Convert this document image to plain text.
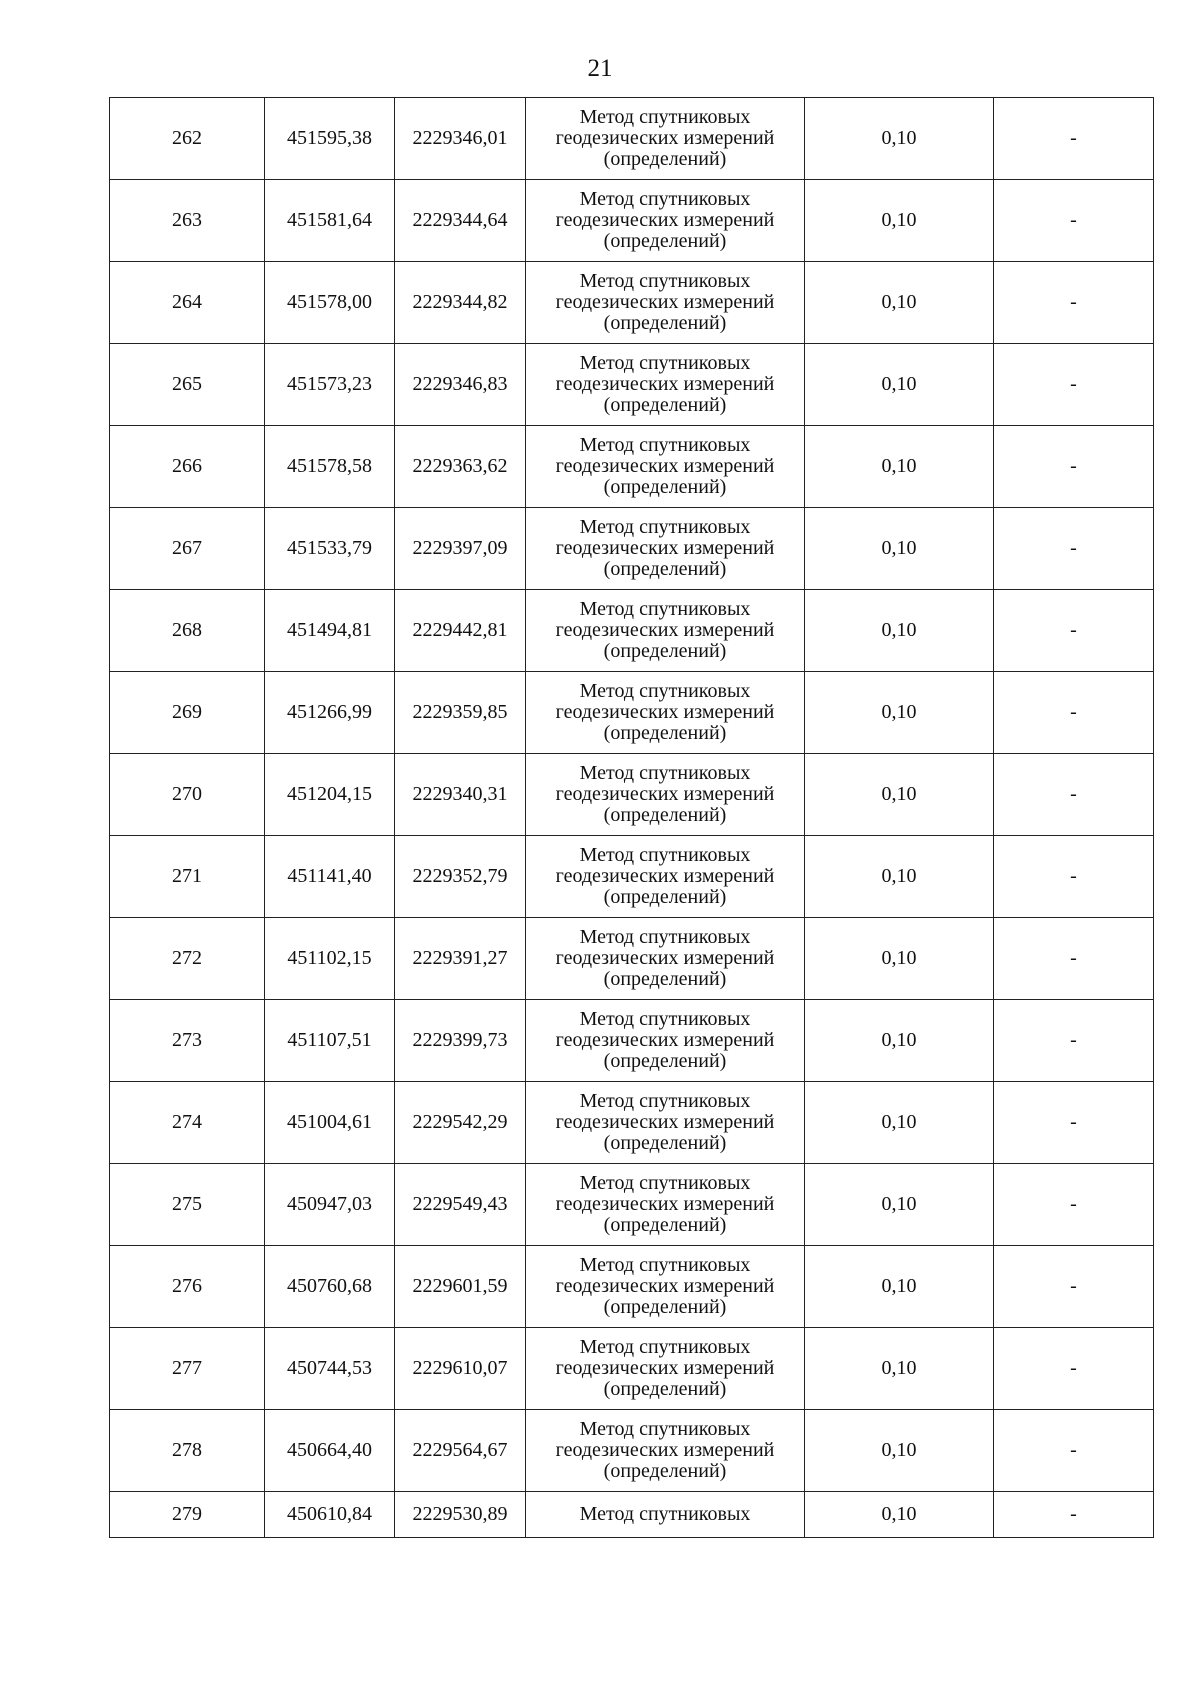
21
262	451595,38	2229346,01	Метод спутниковых
геодезических измерений
(определений)	0,10	-
263	451581,64	2229344,64	Метод спутниковых
геодезических измерений
(определений)	0,10	-
264	451578,00	2229344,82	Метод спутниковых
геодезических измерений
(определений)	0,10	-
265	451573,23	2229346,83	Метод спутниковых
геодезических измерений
(определений)	0,10	-
266	451578,58	2229363,62	Метод спутниковых
геодезических измерений
(определений)	0,10	-
267	451533,79	2229397,09	Метод спутниковых
геодезических измерений
(определений)	0,10	-
268	451494,81	2229442,81	Метод спутниковых
геодезических измерений
(определений)	0,10	-
269	451266,99	2229359,85	Метод спутниковых
геодезических измерений
(определений)	0,10	-
270	451204,15	2229340,31	Метод спутниковых
геодезических измерений
(определений)	0,10	-
271	451141,40	2229352,79	Метод спутниковых
геодезических измерений
(определений)	0,10	-
272	451102,15	2229391,27	Метод спутниковых
геодезических измерений
(определений)	0,10	-
273	451107,51	2229399,73	Метод спутниковых
геодезических измерений
(определений)	0,10	-
274	451004,61	2229542,29	Метод спутниковых
геодезических измерений
(определений)	0,10	-
275	450947,03	2229549,43	Метод спутниковых
геодезических измерений
(определений)	0,10	-
276	450760,68	2229601,59	Метод спутниковых
геодезических измерений
(определений)	0,10	-
277	450744,53	2229610,07	Метод спутниковых
геодезических измерений
(определений)	0,10	-
278	450664,40	2229564,67	Метод спутниковых
геодезических измерений
(определений)	0,10	-
279	450610,84	2229530,89	Метод спутниковых	0,10	-
